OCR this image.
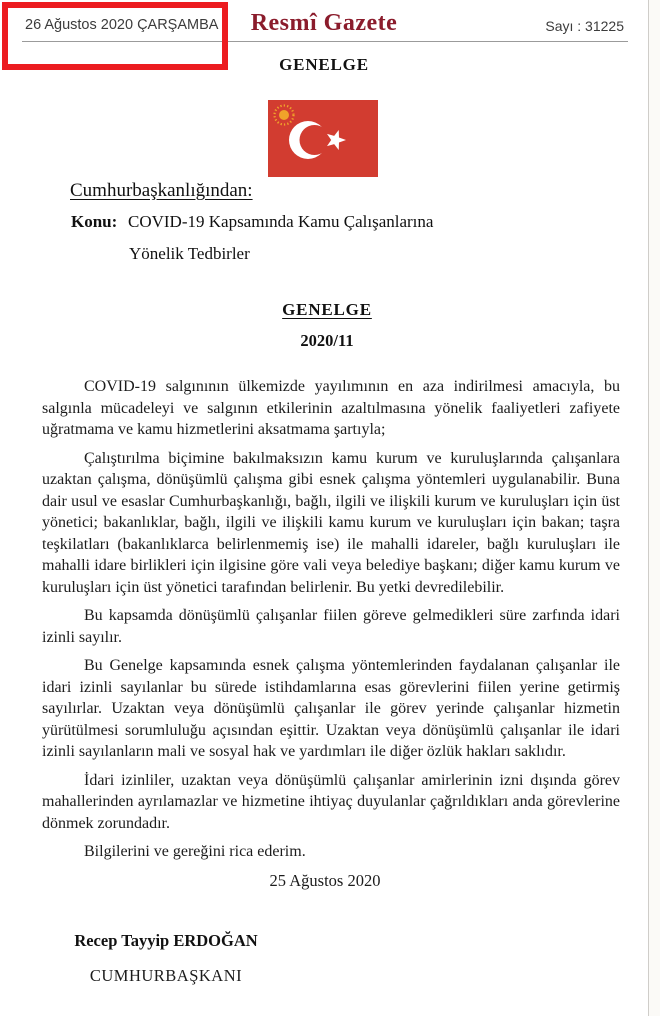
26 Ağustos 2020 ÇARŞAMBA	Resmî Gazete	Sayı : 31225
GENELGE
Cumhurbaşkanlığından:
Konu: COVID-19 Kapsamında Kamu Çalışanlarına
Yönelik Tedbirler
GENELGE
2020/11

COVID-19 salgınının ülkemizde yayılımının en aza indirilmesi amacıyla, bu salgınla mücadeleyi ve salgının etkilerinin azaltılmasına yönelik faaliyetleri zafiyete uğratmama ve kamu hizmetlerini aksatmama şartıyla;

Çalıştırılma biçimine bakılmaksızın kamu kurum ve kuruluşlarında çalışanlara uzaktan çalışma, dönüşümlü çalışma gibi esnek çalışma yöntemleri uygulanabilir. Buna dair usul ve esaslar Cumhurbaşkanlığı, bağlı, ilgili ve ilişkili kurum ve kuruluşları için üst yönetici; bakanlıklar, bağlı, ilgili ve ilişkili kamu kurum ve kuruluşları için bakan; taşra teşkilatları (bakanlıklarca belirlenmemiş ise) ile mahalli idareler, bağlı kuruluşları ile mahalli idare birlikleri için ilgisine göre vali veya belediye başkanı; diğer kamu kurum ve kuruluşları için üst yönetici tarafından belirlenir. Bu yetki devredilebilir.

Bu kapsamda dönüşümlü çalışanlar fiilen göreve gelmedikleri süre zarfında idari izinli sayılır.

Bu Genelge kapsamında esnek çalışma yöntemlerinden faydalanan çalışanlar ile idari izinli sayılanlar bu sürede istihdamlarına esas görevlerini fiilen yerine getirmiş sayılırlar. Uzaktan veya dönüşümlü çalışanlar ile görev yerinde çalışanlar hizmetin yürütülmesi sorumluluğu açısından eşittir. Uzaktan veya dönüşümlü çalışanlar ile idari izinli sayılanların mali ve sosyal hak ve yardımları ile diğer özlük hakları saklıdır.

İdari izinliler, uzaktan veya dönüşümlü çalışanlar amirlerinin izni dışında görev mahallerinden ayrılamazlar ve hizmetine ihtiyaç duyulanlar çağrıldıkları anda görevlerine dönmek zorundadır.

Bilgilerini ve gereğini rica ederim.

25 Ağustos 2020
Recep Tayyip ERDOĞAN
CUMHURBAŞKANI
